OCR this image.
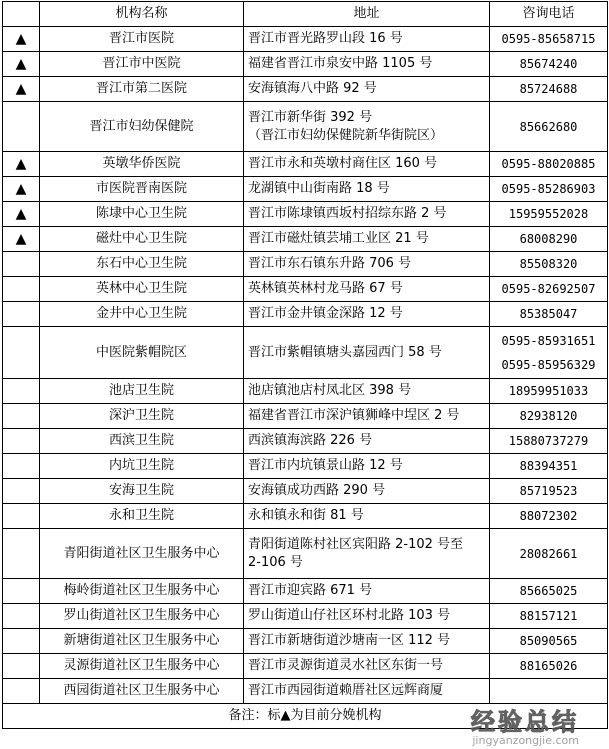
	机构名称	地址	咨询电话
▲	晋江市医院	晋江市晋光路罗山段 16 号	0595-85658715

▲	晋江市中医院	福建省晋江市泉安中路 1105 号	85674240

▲	晋江市第二医院	安海镇海八中路 92 号	85724688

	晋江市妇幼保健院	晋江市新华街 392 号
（晋江市妇幼保健院新华街院区）	85662680

▲	英墩华侨医院	晋江市永和英墩村商住区 160 号	0595-88020885

▲	市医院晋南医院	龙湖镇中山街南路 18 号	0595-85286903

▲	陈埭中心卫生院	晋江市陈埭镇西坂村招综东路 2 号	15959552028

▲	磁灶中心卫生院	晋江市磁灶镇芸埔工业区 21 号	68008290

	东石中心卫生院	晋江市东石镇东升路 706 号	85508320

	英林中心卫生院	英林镇英林村龙马路 67 号	0595-82692507

	金井中心卫生院	晋江市金井镇金深路 12 号	85385047

	中医院紫帽院区	晋江市紫帽镇塘头嘉园西门 58 号	0595-85931651
0595-85956329

	池店卫生院	池店镇池店村凤北区 398 号	18959951033

	深沪卫生院	福建省晋江市深沪镇狮峰中埕区 2 号	82938120

	西滨卫生院	西滨镇海滨路 226 号	15880737279

	内坑卫生院	晋江市内坑镇景山路 12 号	88394351

	安海卫生院	安海镇成功西路 290 号	85719523

	永和卫生院	永和镇永和街 81 号	88072302

	青阳街道社区卫生服务中心	青阳街道陈村社区宾阳路 2-102 号至
2-106 号	28082661

	梅岭街道社区卫生服务中心	晋江市迎宾路 671 号	85665025

	罗山街道社区卫生服务中心	罗山街道山仔社区环村北路 103 号	88157121

	新塘街道社区卫生服务中心	晋江市新塘街道沙塘南一区 112 号	85090565

	灵源街道社区卫生服务中心	晋江市灵源街道灵水社区东街一号	88165026

	西园街道社区卫生服务中心	晋江市西园街道赖厝社区远辉商厦	

备注：标▲为目前分娩机构				经验总结
jingyanzongjie.com
